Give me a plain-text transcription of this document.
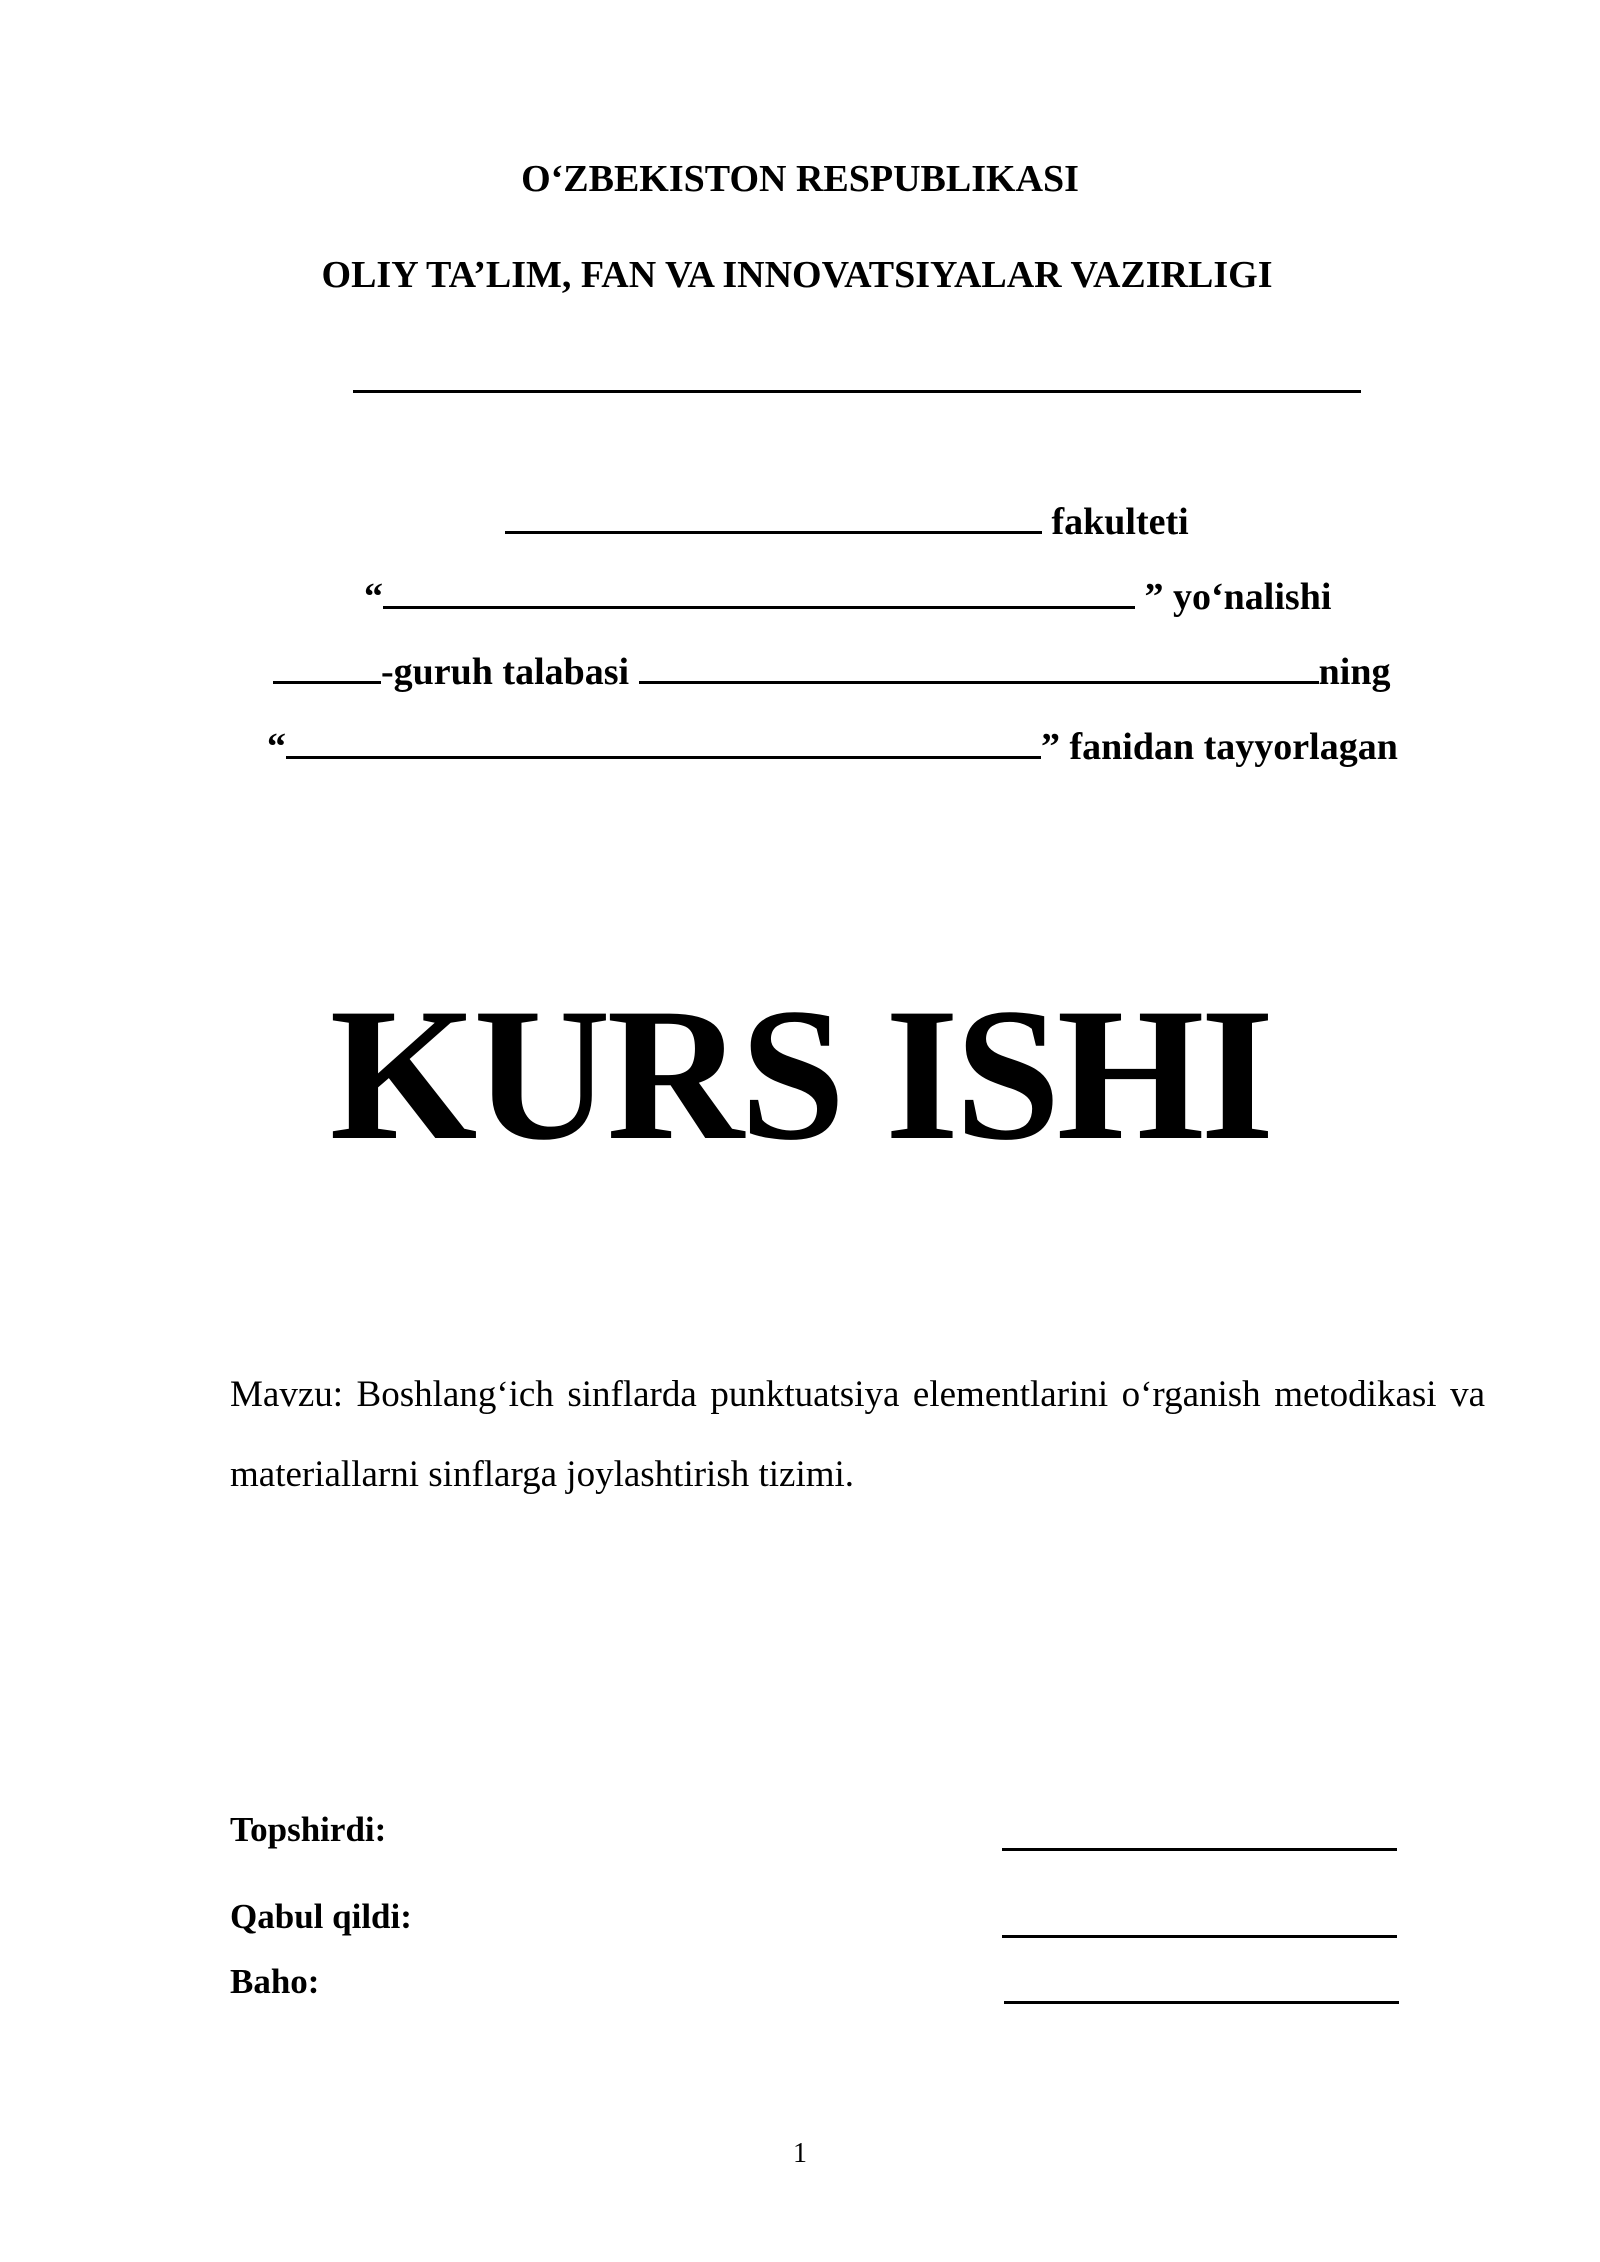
O‘ZBEKISTON RESPUBLIKASI
OLIY TA’LIM, FAN VA INNOVATSIYALAR VAZIRLIGI
fakulteti
“	” yo‘nalishi
-guruh talabasi	ning
“	” fanidan tayyorlagan
KURS ISHI
Mavzu: Boshlang‘ich sinflarda punktuatsiya elementlarini o‘rganish metodikasi va materiallarni sinflarga joylashtirish tizimi.
Topshirdi:
Qabul qildi:
Baho:
1
